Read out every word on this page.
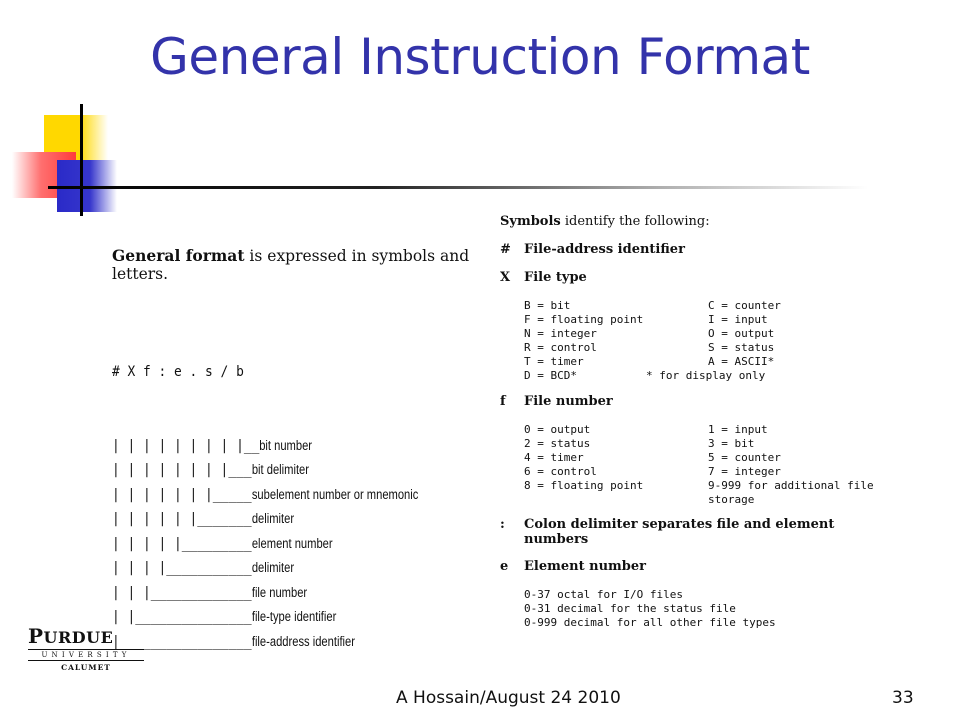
General Instruction Format
General format is expressed in symbols and letters.

# X f : e . s / b

| | | | | | | | |__ bit number
| | | | | | | |___ bit delimiter
| | | | | | |_____ subelement number or mnemonic
| | | | | |_______ delimiter
| | | | |_________ element number
| | | |___________ delimiter
| | |_____________ file number
| |_______________ file-type identifier
|_________________ file-address identifier

Symbols identify the following:
# File-address identifier
X File type
B = bit
F = floating point
N = integer
R = control
T = timer
D = BCD*
C = counter
I = input
O = output
S = status
A = ASCII*
* for display only
f File number
0 = output
2 = status
4 = timer
6 = control
8 = floating point
1 = input
3 = bit
5 = counter
7 = integer
9-999 for additional file
storage
: Colon delimiter separates file and element
numbers
e Element number
0-37 octal for I/O files
0-31 decimal for the status file
0-999 decimal for all other file types
PURDUE
UNIVERSITY
CALUMET
A Hossain/August 24 2010	33
